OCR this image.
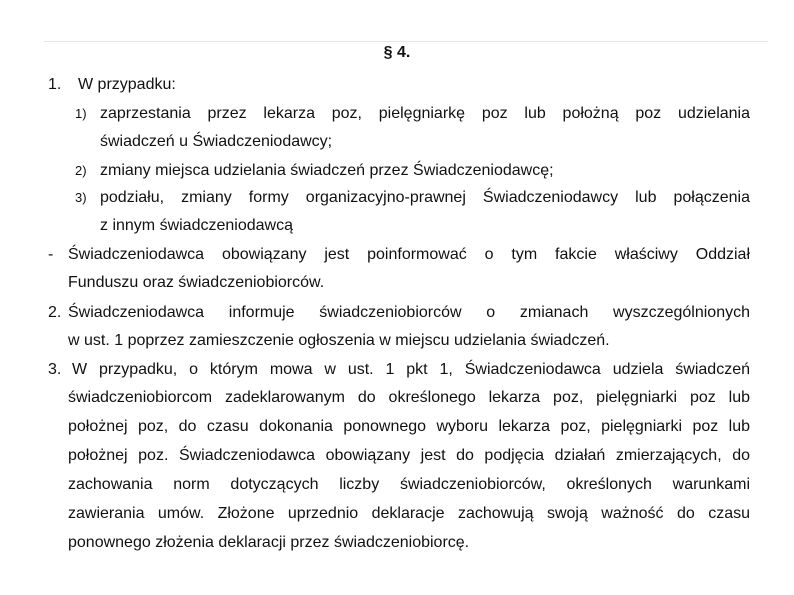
§ 4.
1. W przypadku:
1) zaprzestania przez lekarza poz, pielęgniarkę poz lub położną poz udzielania
świadczeń u Świadczeniodawcy;
2) zmiany miejsca udzielania świadczeń przez Świadczeniodawcę;
3) podziału, zmiany formy organizacyjno-prawnej Świadczeniodawcy lub połączenia
z innym świadczeniodawcą
- Świadczeniodawca obowiązany jest poinformować o tym fakcie właściwy Oddział
Funduszu oraz świadczeniobiorców.
2. Świadczeniodawca informuje świadczeniobiorców o zmianach wyszczególnionych
w ust. 1 poprzez zamieszczenie ogłoszenia w miejscu udzielania świadczeń.
3. W przypadku, o którym mowa w ust. 1 pkt 1, Świadczeniodawca udziela świadczeń
świadczeniobiorcom zadeklarowanym do określonego lekarza poz, pielęgniarki poz lub
położnej poz, do czasu dokonania ponownego wyboru lekarza poz, pielęgniarki poz lub
położnej poz. Świadczeniodawca obowiązany jest do podjęcia działań zmierzających, do
zachowania norm dotyczących liczby świadczeniobiorców, określonych warunkami
zawierania umów. Złożone uprzednio deklaracje zachowują swoją ważność do czasu
ponownego złożenia deklaracji przez świadczeniobiorcę.
